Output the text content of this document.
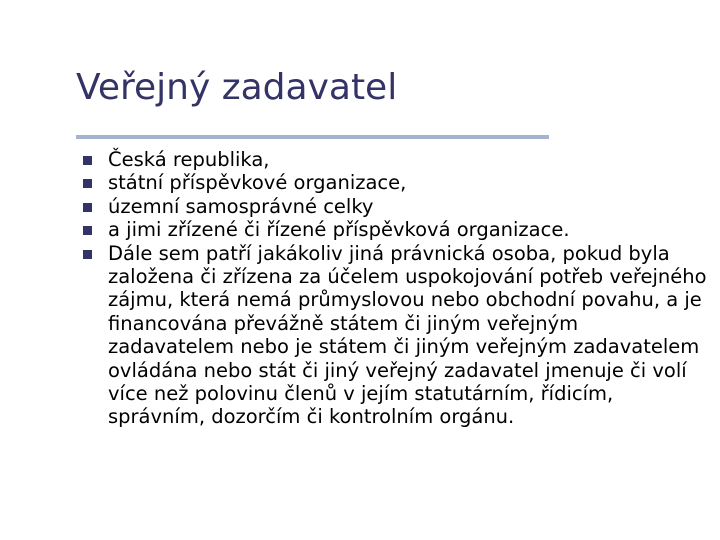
Veřejný zadavatel
Česká republika,
státní příspěvkové organizace,
územní samosprávné celky
a jimi zřízené či řízené příspěvková organizace.
Dále sem patří jakákoliv jiná právnická osoba, pokud byla založena či zřízena za účelem uspokojování potřeb veřejného zájmu, která nemá průmyslovou nebo obchodní povahu, a je financována převážně státem či jiným veřejným zadavatelem nebo je státem či jiným veřejným zadavatelem ovládána nebo stát či jiný veřejný zadavatel jmenuje či volí více než polovinu členů v jejím statutárním, řídicím, správním, dozorčím či kontrolním orgánu.
